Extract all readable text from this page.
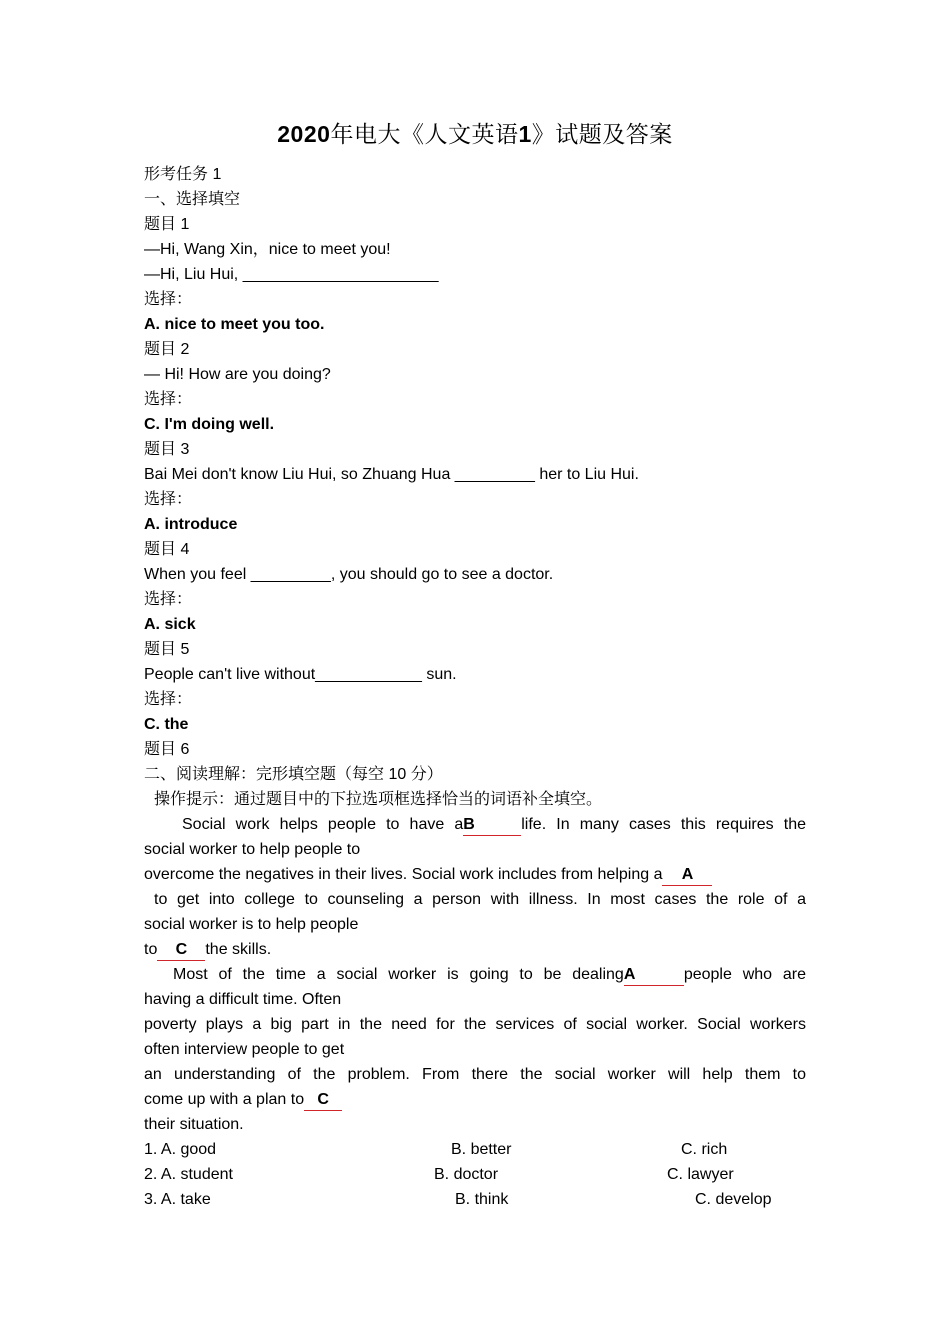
2020年电大《人文英语1》试题及答案
形考任务 1
一、选择填空
题目 1
—Hi, Wang Xin，nice to meet you!
—Hi, Liu Hui, ______________________
选择：
A. nice to meet you too.
题目 2
— Hi! How are you doing?
选择：
C. I'm doing well.
题目 3
Bai Mei don't know Liu Hui, so Zhuang Hua _________ her to Liu Hui.
选择：
A. introduce
题目 4
When you feel _________, you should go to see a doctor.
选择：
A. sick
题目 5
People can't live without____________ sun.
选择：
C. the
题目 6
二、阅读理解：完形填空题（每空 10 分）
操作提示：通过题目中的下拉选项框选择恰当的词语补全填空。
Social work helps people to have aB	life. In many cases this requires the
social worker to help people to
overcome the negatives in their lives. Social work includes from helping a A
to get into college to counseling a person with illness. In most cases the role of a
social worker is to help people
to C the skills.
Most of the time a social worker is going to be dealingA	people who are
having a difficult time. Often
poverty plays a big part in the need for the services of social worker. Social workers
often interview people to get
an understanding of the problem. From there the social worker will help them to
come up with a plan to C
their situation.
1. A. good	B. better	C. rich
2. A. student	B. doctor	C. lawyer
3. A. take	B. think	C. develop
